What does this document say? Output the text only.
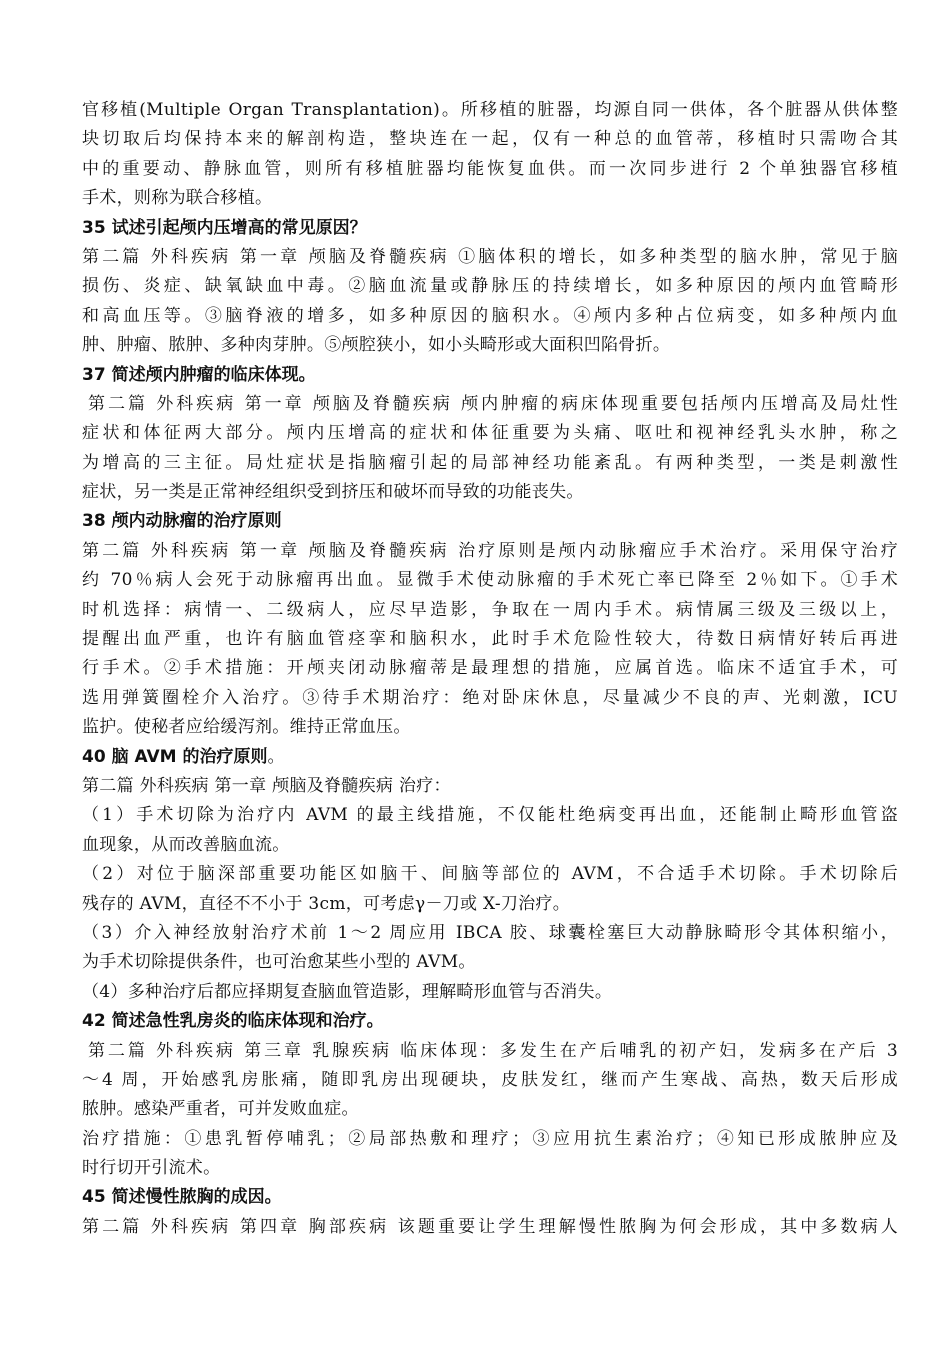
官移植(Multiple Organ Transplantation)。所移植的脏器，均源自同一供体，各个脏器从供体整
块切取后均保持本来的解剖构造，整块连在一起，仅有一种总的血管蒂，移植时只需吻合其
中的重要动、静脉血管，则所有移植脏器均能恢复血供。而一次同步进行 2 个单独器官移植
手术，则称为联合移植。
35 试述引起颅内压增高的常见原因？
第二篇 外科疾病 第一章 颅脑及脊髓疾病 ①脑体积的增长，如多种类型的脑水肿，常见于脑
损伤、炎症、缺氧缺血中毒。②脑血流量或静脉压的持续增长，如多种原因的颅内血管畸形
和高血压等。③脑脊液的增多，如多种原因的脑积水。④颅内多种占位病变，如多种颅内血
肿、肿瘤、脓肿、多种肉芽肿。⑤颅腔狭小，如小头畸形或大面积凹陷骨折。
37 简述颅内肿瘤的临床体现。
第二篇 外科疾病 第一章 颅脑及脊髓疾病 颅内肿瘤的病床体现重要包括颅内压增高及局灶性
症状和体征两大部分。颅内压增高的症状和体征重要为头痛、呕吐和视神经乳头水肿，称之
为增高的三主征。局灶症状是指脑瘤引起的局部神经功能紊乱。有两种类型，一类是刺激性
症状，另一类是正常神经组织受到挤压和破坏而导致的功能丧失。
38 颅内动脉瘤的治疗原则
第二篇 外科疾病 第一章 颅脑及脊髓疾病 治疗原则是颅内动脉瘤应手术治疗。采用保守治疗
约 70％病人会死于动脉瘤再出血。显微手术使动脉瘤的手术死亡率已降至 2％如下。①手术
时机选择：病情一、二级病人，应尽早造影，争取在一周内手术。病情属三级及三级以上，
提醒出血严重，也许有脑血管痉挛和脑积水，此时手术危险性较大，待数日病情好转后再进
行手术。②手术措施：开颅夹闭动脉瘤蒂是最理想的措施，应属首选。临床不适宜手术，可
选用弹簧圈栓介入治疗。③待手术期治疗：绝对卧床休息，尽量减少不良的声、光刺激，ICU
监护。使秘者应给缓泻剂。维持正常血压。
40 脑 AVM 的治疗原则。
第二篇 外科疾病 第一章 颅脑及脊髓疾病 治疗：
（1）手术切除为治疗内 AVM 的最主线措施，不仅能杜绝病变再出血，还能制止畸形血管盗
血现象，从而改善脑血流。
（2）对位于脑深部重要功能区如脑干、间脑等部位的 AVM，不合适手术切除。手术切除后
残存的 AVM，直径不不小于 3cm，可考虑γ－刀或 X-刀治疗。
（3）介入神经放射治疗术前 1～2 周应用 IBCA 胶、球囊栓塞巨大动静脉畸形令其体积缩小，
为手术切除提供条件，也可治愈某些小型的 AVM。
（4）多种治疗后都应择期复查脑血管造影，理解畸形血管与否消失。
42 简述急性乳房炎的临床体现和治疗。
第二篇 外科疾病 第三章 乳腺疾病 临床体现：多发生在产后哺乳的初产妇，发病多在产后 3
～4 周，开始感乳房胀痛，随即乳房出现硬块，皮肤发红，继而产生寒战、高热，数天后形成
脓肿。感染严重者，可并发败血症。
治疗措施：①患乳暂停哺乳；②局部热敷和理疗；③应用抗生素治疗；④知已形成脓肿应及
时行切开引流术。
45 简述慢性脓胸的成因。
第二篇 外科疾病 第四章 胸部疾病 该题重要让学生理解慢性脓胸为何会形成，其中多数病人
